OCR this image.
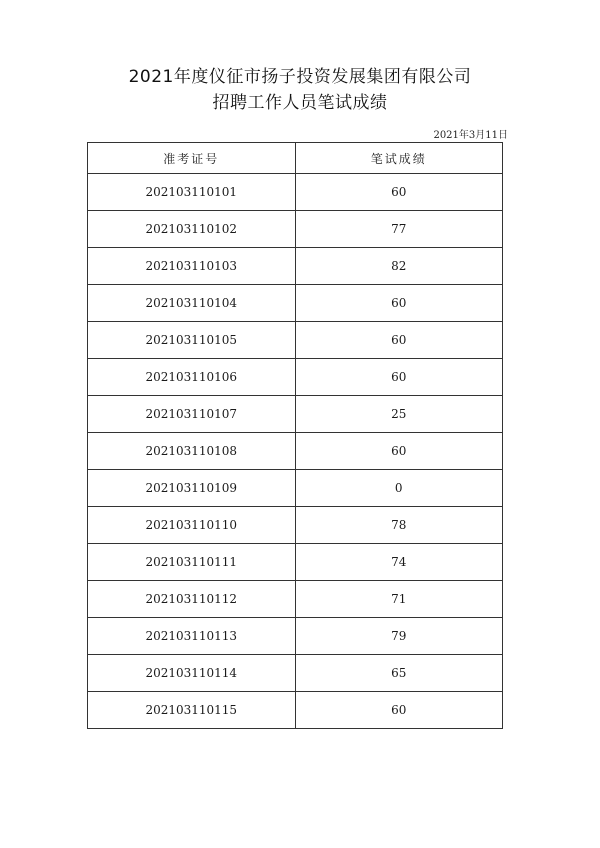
2021年度仪征市扬子投资发展集团有限公司
招聘工作人员笔试成绩
2021年3月11日
准考证号	笔试成绩
202103110101	60
202103110102	77
202103110103	82
202103110104	60
202103110105	60
202103110106	60
202103110107	25
202103110108	60
202103110109	0
202103110110	78
202103110111	74
202103110112	71
202103110113	79
202103110114	65
202103110115	60
